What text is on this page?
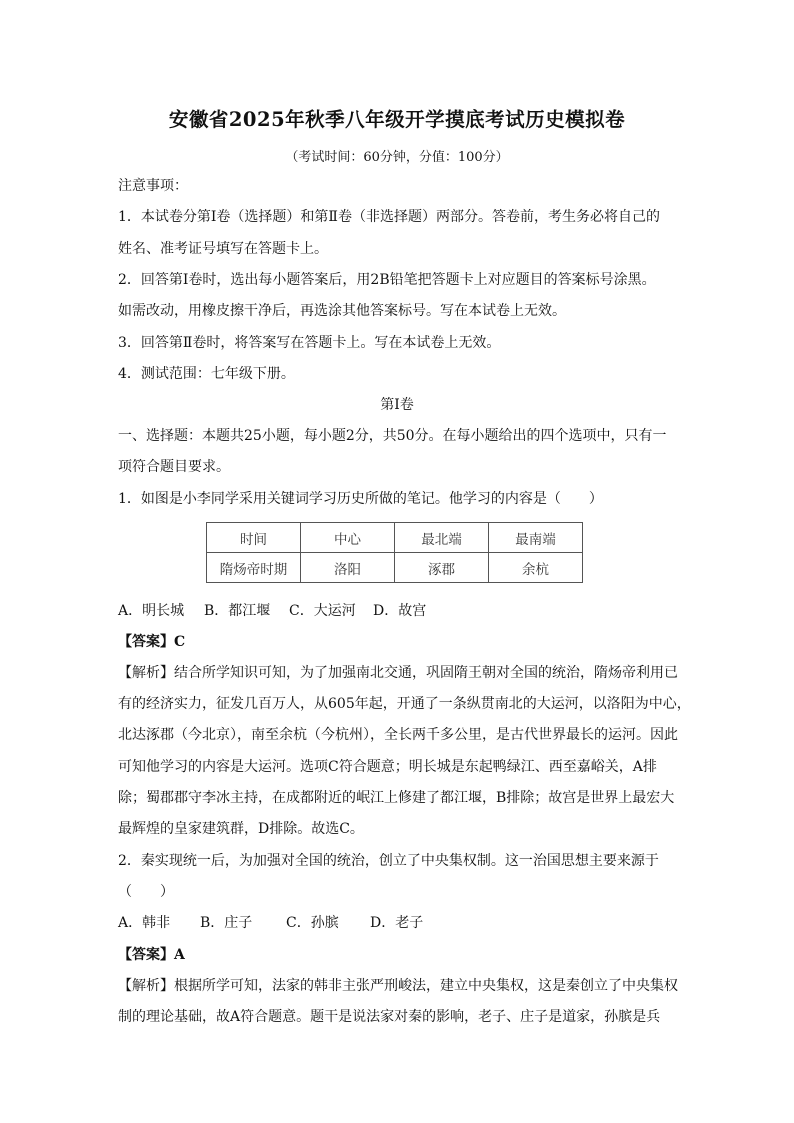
安徽省2025年秋季八年级开学摸底考试历史模拟卷
（考试时间：60分钟，分值：100分）
注意事项：
1．本试卷分第Ⅰ卷（选择题）和第Ⅱ卷（非选择题）两部分。答卷前，考生务必将自己的
姓名、准考证号填写在答题卡上。
2．回答第Ⅰ卷时，选出每小题答案后，用2B铅笔把答题卡上对应题目的答案标号涂黑。
如需改动，用橡皮擦干净后，再选涂其他答案标号。写在本试卷上无效。
3．回答第Ⅱ卷时，将答案写在答题卡上。写在本试卷上无效。
4．测试范围：七年级下册。
第Ⅰ卷
一、选择题：本题共25小题，每小题2分，共50分。在每小题给出的四个选项中，只有一
项符合题目要求。
1．如图是小李同学采用关键词学习历史所做的笔记。他学习的内容是（　　）
时间	中心	最北端	最南端
隋炀帝时期	洛阳	涿郡	余杭
A．明长城 B．都江堰 C．大运河 D．故宫
【答案】C
【解析】结合所学知识可知，为了加强南北交通，巩固隋王朝对全国的统治，隋炀帝利用已
有的经济实力，征发几百万人，从605年起，开通了一条纵贯南北的大运河，以洛阳为中心，
北达涿郡（今北京），南至余杭（今杭州），全长两千多公里，是古代世界最长的运河。因此
可知他学习的内容是大运河。选项C符合题意；明长城是东起鸭绿江、西至嘉峪关，A排
除；蜀郡郡守李冰主持，在成都附近的岷江上修建了都江堰，B排除；故宫是世界上最宏大
最辉煌的皇家建筑群，D排除。故选C。
2．秦实现统一后，为加强对全国的统治，创立了中央集权制。这一治国思想主要来源于
（　　）
A．韩非 B．庄子 C．孙膑 D．老子
【答案】A
【解析】根据所学可知，法家的韩非主张严刑峻法，建立中央集权，这是秦创立了中央集权
制的理论基础，故A符合题意。题干是说法家对秦的影响，老子、庄子是道家，孙膑是兵
